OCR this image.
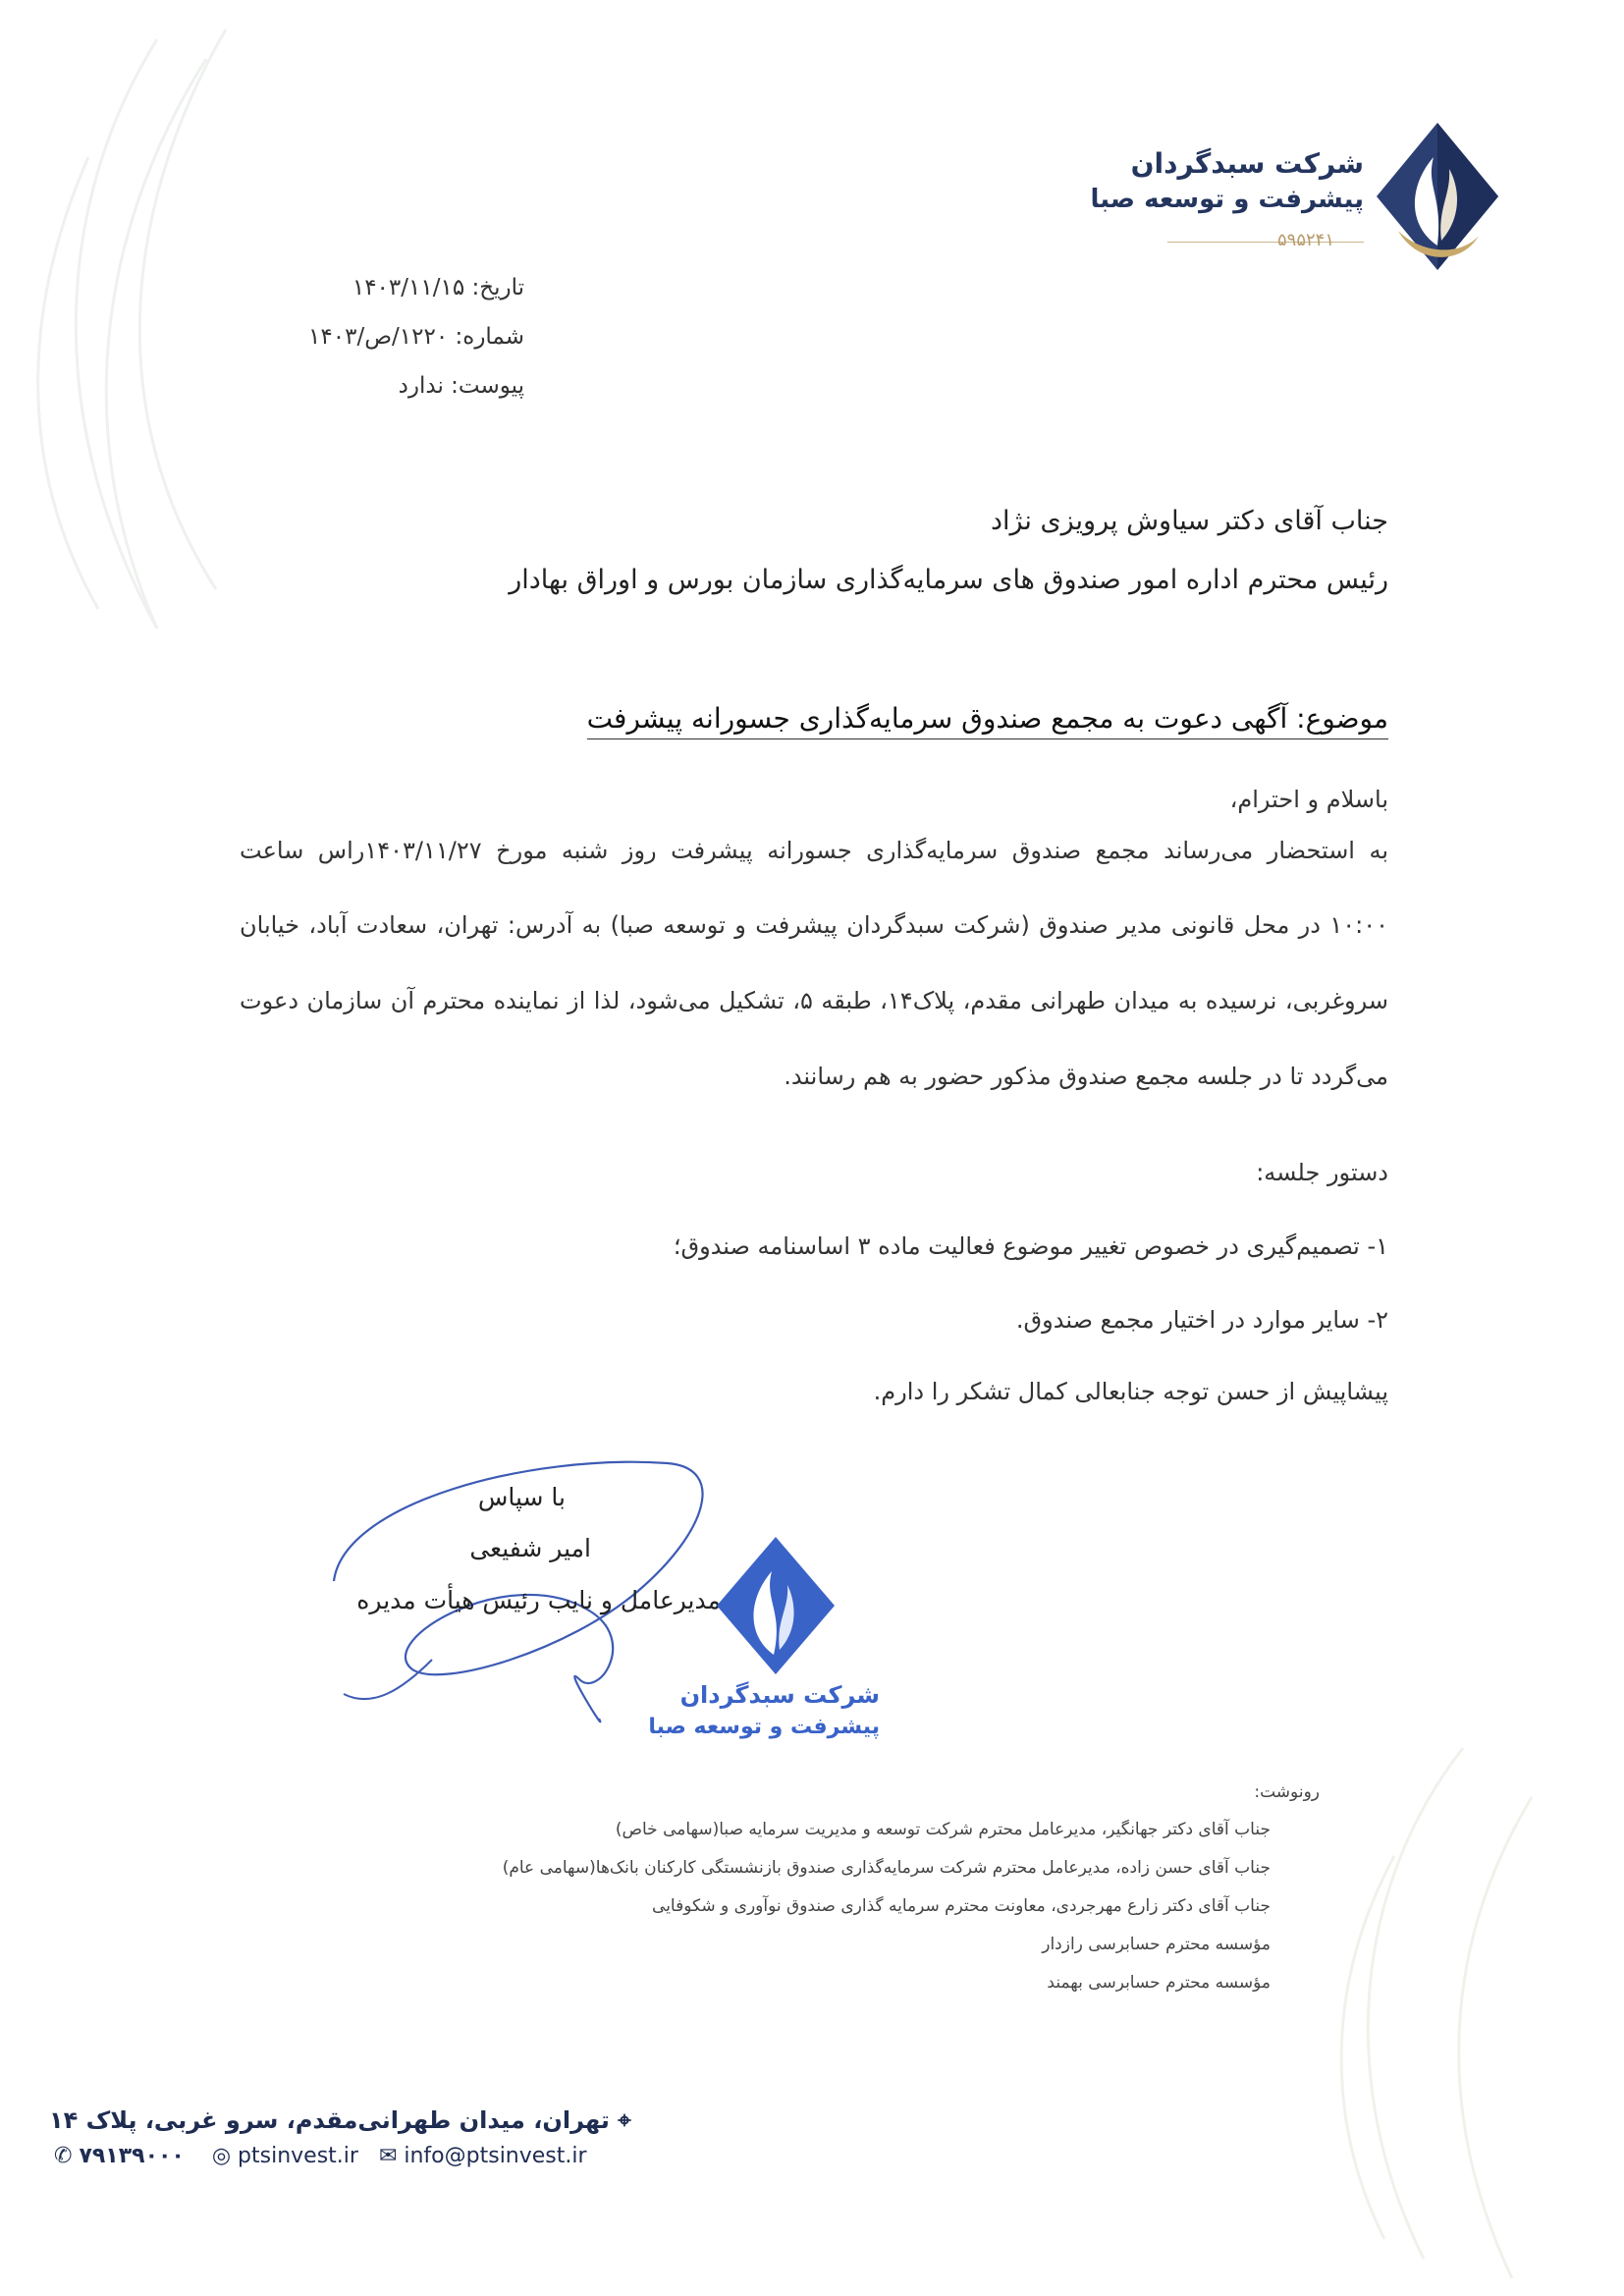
شرکت سبدگردان
پیشرفت و توسعه صبا
۵۹۵۲۴۱
تاریخ: ۱۴۰۳/۱۱/۱۵
شماره: ۱۲۲۰/ص/۱۴۰۳
پیوست: ندارد
جناب آقای دکتر سیاوش پرویزی نژاد
رئیس محترم اداره امور صندوق های سرمایه‌گذاری سازمان بورس و اوراق بهادار
موضوع: آگهی دعوت به مجمع صندوق سرمایه‌گذاری جسورانه پیشرفت
باسلام و احترام،
به استحضار می‌رساند مجمع صندوق سرمایه‌گذاری جسورانه پیشرفت روز شنبه مورخ ۱۴۰۳/۱۱/۲۷راس ساعت
۱۰:۰۰ در محل قانونی مدیر صندوق (شرکت سبدگردان پیشرفت و توسعه صبا) به آدرس: تهران، سعادت آباد، خیابان
سروغربی، نرسیده به میدان طهرانی مقدم، پلاک۱۴، طبقه ۵، تشکیل می‌شود، لذا از نماینده محترم آن سازمان دعوت
می‌گردد تا در جلسه مجمع صندوق مذکور حضور به هم رسانند.
دستور جلسه:
۱- تصمیم‌گیری در خصوص تغییر موضوع فعالیت ماده ۳ اساسنامه صندوق؛
۲- سایر موارد در اختیار مجمع صندوق.
پیشاپیش از حسن توجه جنابعالی کمال تشکر را دارم.
با سپاس
امیر شفیعی
مدیرعامل و نایب رئیس هیأت مدیره
شرکت سبدگردان
پیشرفت و توسعه صبا
رونوشت:
جناب آقای دکتر جهانگیر، مدیرعامل محترم شرکت توسعه و مدیریت سرمایه صبا(سهامی خاص)
جناب آقای حسن زاده، مدیرعامل محترم شرکت سرمایه‌گذاری صندوق بازنشستگی کارکنان بانک‌ها(سهامی عام)
جناب آقای دکتر زارع مهرجردی، معاونت محترم سرمایه گذاری صندوق نوآوری و شکوفایی
مؤسسه محترم حسابرسی رازدار
مؤسسه محترم حسابرسی بهمند
⌖ تهران، میدان طهرانی‌مقدم، سرو غربی، پلاک ۱۴
✆ ۷۹۱۳۹۰۰۰ ◎ ptsinvest.ir ✉ info@ptsinvest.ir
